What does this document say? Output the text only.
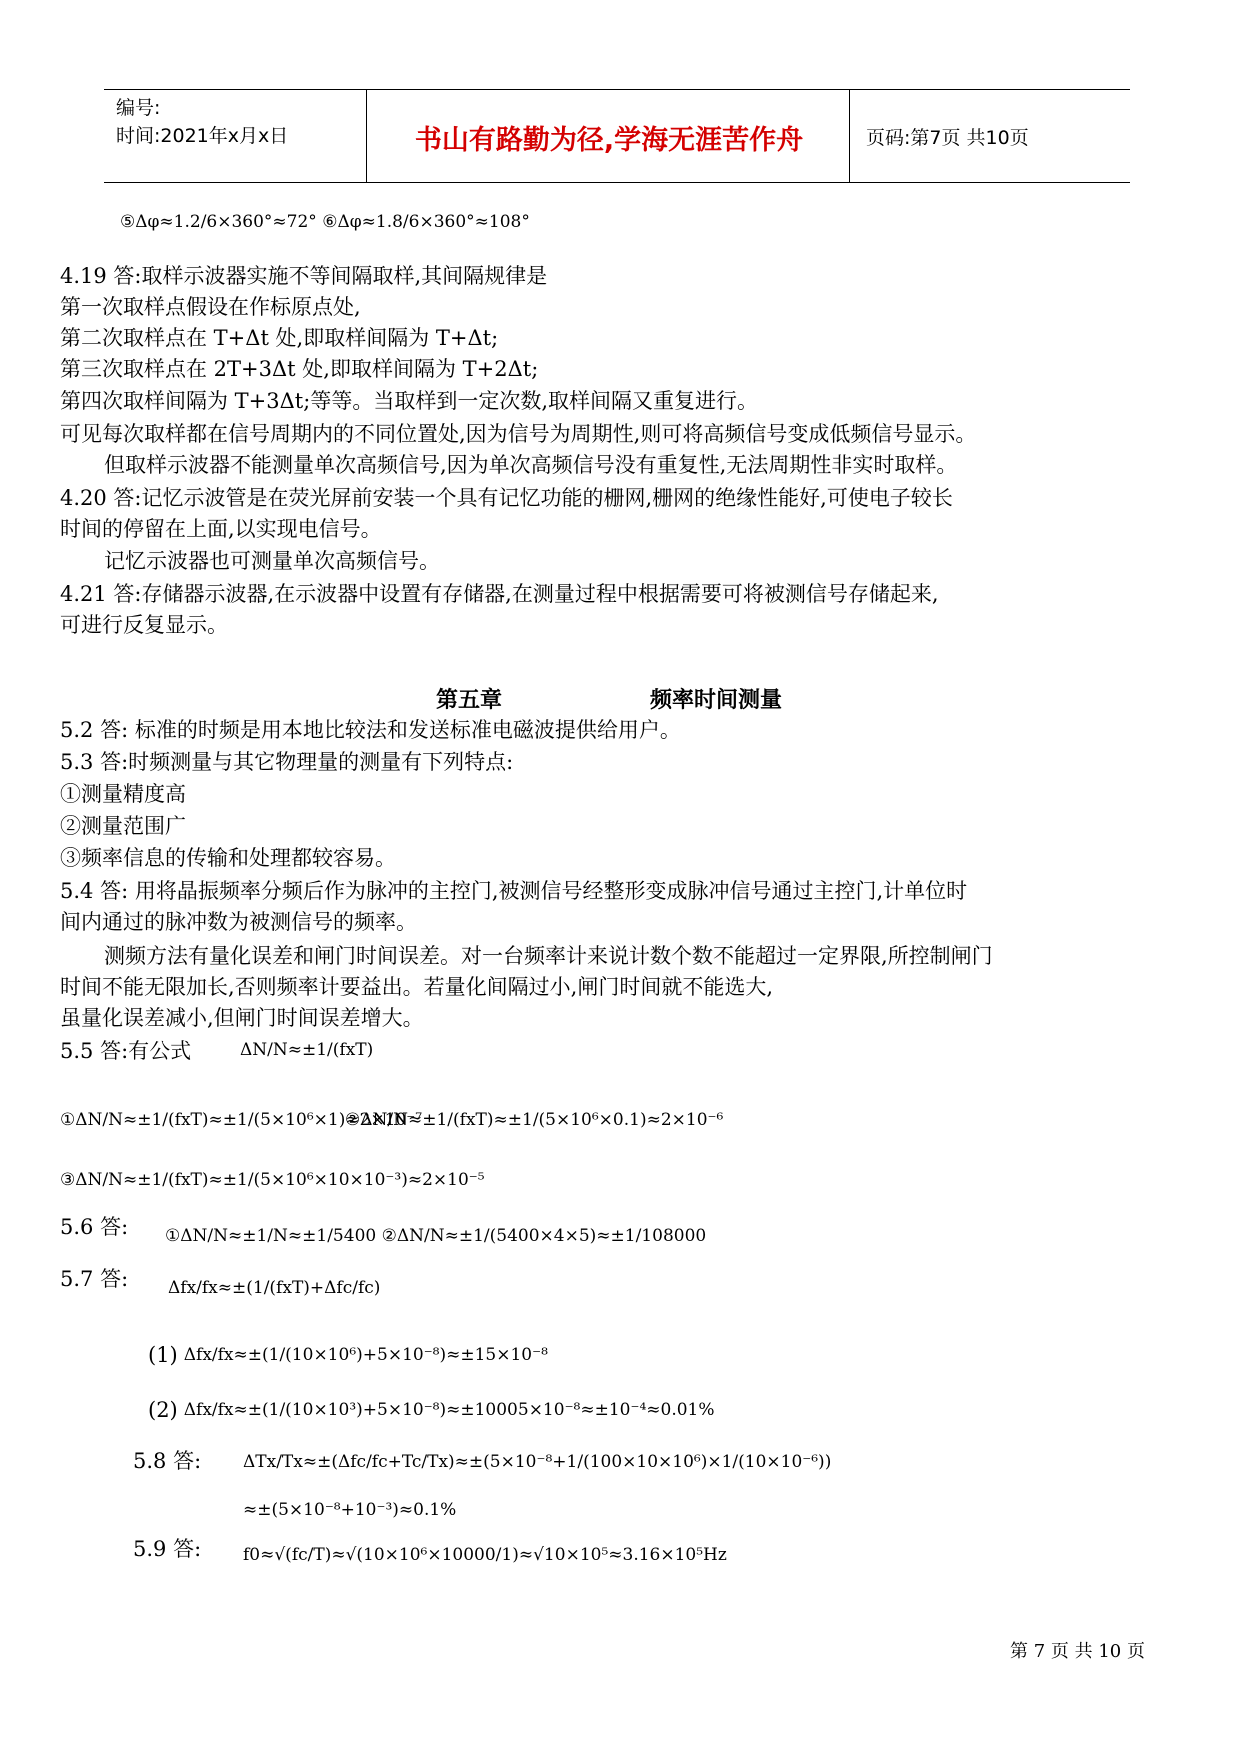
编号:
时间:2021年x月x日	书山有路勤为径,学海无涯苦作舟	页码:第7页 共10页
⑤Δφ≈1.2/6×360°≈72° ⑥Δφ≈1.8/6×360°≈108°
4.19 答:取样示波器实施不等间隔取样,其间隔规律是
第一次取样点假设在作标原点处,
第二次取样点在 T+Δt 处,即取样间隔为 T+Δt;
第三次取样点在 2T+3Δt 处,即取样间隔为 T+2Δt;
第四次取样间隔为 T+3Δt;等等。当取样到一定次数,取样间隔又重复进行。
可见每次取样都在信号周期内的不同位置处,因为信号为周期性,则可将高频信号变成低频信号显示。
但取样示波器不能测量单次高频信号,因为单次高频信号没有重复性,无法周期性非实时取样。
4.20 答:记忆示波管是在荧光屏前安装一个具有记忆功能的栅网,栅网的绝缘性能好,可使电子较长
时间的停留在上面,以实现电信号。
记忆示波器也可测量单次高频信号。
4.21 答:存储器示波器,在示波器中设置有存储器,在测量过程中根据需要可将被测信号存储起来,
可进行反复显示。
第五章	频率时间测量
5.2 答: 标准的时频是用本地比较法和发送标准电磁波提供给用户。
5.3 答:时频测量与其它物理量的测量有下列特点:
①测量精度高
②测量范围广
③频率信息的传输和处理都较容易。
5.4 答: 用将晶振频率分频后作为脉冲的主控门,被测信号经整形变成脉冲信号通过主控门,计单位时
间内通过的脉冲数为被测信号的频率。
测频方法有量化误差和闸门时间误差。对一台频率计来说计数个数不能超过一定界限,所控制闸门
时间不能无限加长,否则频率计要益出。若量化间隔过小,闸门时间就不能选大,
虽量化误差减小,但闸门时间误差增大。
5.5 答:有公式	ΔN/N≈±1/(fxT)
①ΔN/N≈±1/(fxT)≈±1/(5×10⁶×1)≈2×10⁻⁷
②ΔN/N≈±1/(fxT)≈±1/(5×10⁶×0.1)≈2×10⁻⁶
③ΔN/N≈±1/(fxT)≈±1/(5×10⁶×10×10⁻³)≈2×10⁻⁵
5.6 答: ①ΔN/N≈±1/N≈±1/5400 ②ΔN/N≈±1/(5400×4×5)≈±1/108000
5.7 答: Δfx/fx≈±(1/(fxT)+Δfc/fc)
(1) Δfx/fx≈±(1/(10×10⁶)+5×10⁻⁸)≈±15×10⁻⁸
(2) Δfx/fx≈±(1/(10×10³)+5×10⁻⁸)≈±10005×10⁻⁸≈±10⁻⁴≈0.01%
5.8 答: ΔTx/Tx≈±(Δfc/fc+Tc/Tx)≈±(5×10⁻⁸+1/(100×10×10⁶)×1/(10×10⁻⁶))
≈±(5×10⁻⁸+10⁻³)≈0.1%
5.9 答: f0≈√(fc/T)≈√(10×10⁶×10000/1)≈√10×10⁵≈3.16×10⁵Hz
第 7 页 共 10 页
